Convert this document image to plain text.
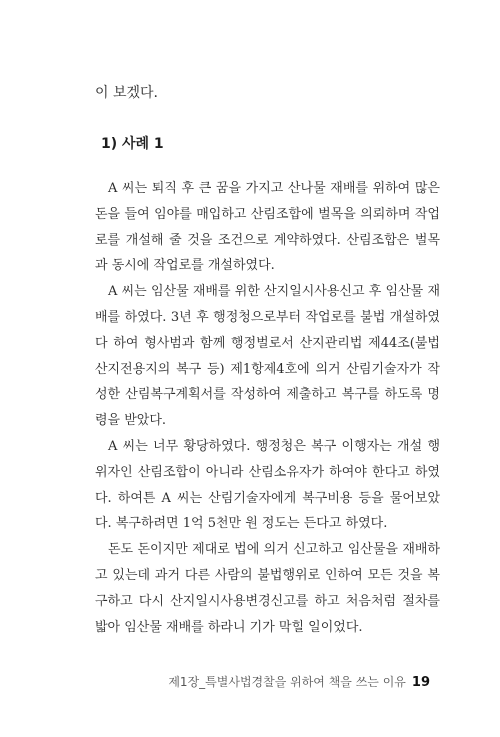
이 보겠다.
1) 사례 1

A 씨는 퇴직 후 큰 꿈을 가지고 산나물 재배를 위하여 많은 돈을 들여 임야를 매입하고 산림조합에 벌목을 의뢰하며 작업로를 개설해 줄 것을 조건으로 계약하였다. 산림조합은 벌목과 동시에 작업로를 개설하였다.

A 씨는 임산물 재배를 위한 산지일시사용신고 후 임산물 재배를 하였다. 3년 후 행정청으로부터 작업로를 불법 개설하였다 하여 형사범과 함께 행정벌로서 산지관리법 제44조(불법산지전용지의 복구 등) 제1항제4호에 의거 산림기술자가 작성한 산림복구계획서를 작성하여 제출하고 복구를 하도록 명령을 받았다.

A 씨는 너무 황당하였다. 행정청은 복구 이행자는 개설 행위자인 산림조합이 아니라 산림소유자가 하여야 한다고 하였다. 하여튼 A 씨는 산림기술자에게 복구비용 등을 물어보았다. 복구하려면 1억 5천만 원 정도는 든다고 하였다.

돈도 돈이지만 제대로 법에 의거 신고하고 임산물을 재배하고 있는데 과거 다른 사람의 불법행위로 인하여 모든 것을 복구하고 다시 산지일시사용변경신고를 하고 처음처럼 절차를 밟아 임산물 재배를 하라니 기가 막힐 일이었다.

제1장_특별사법경찰을 위하여 책을 쓰는 이유 19
